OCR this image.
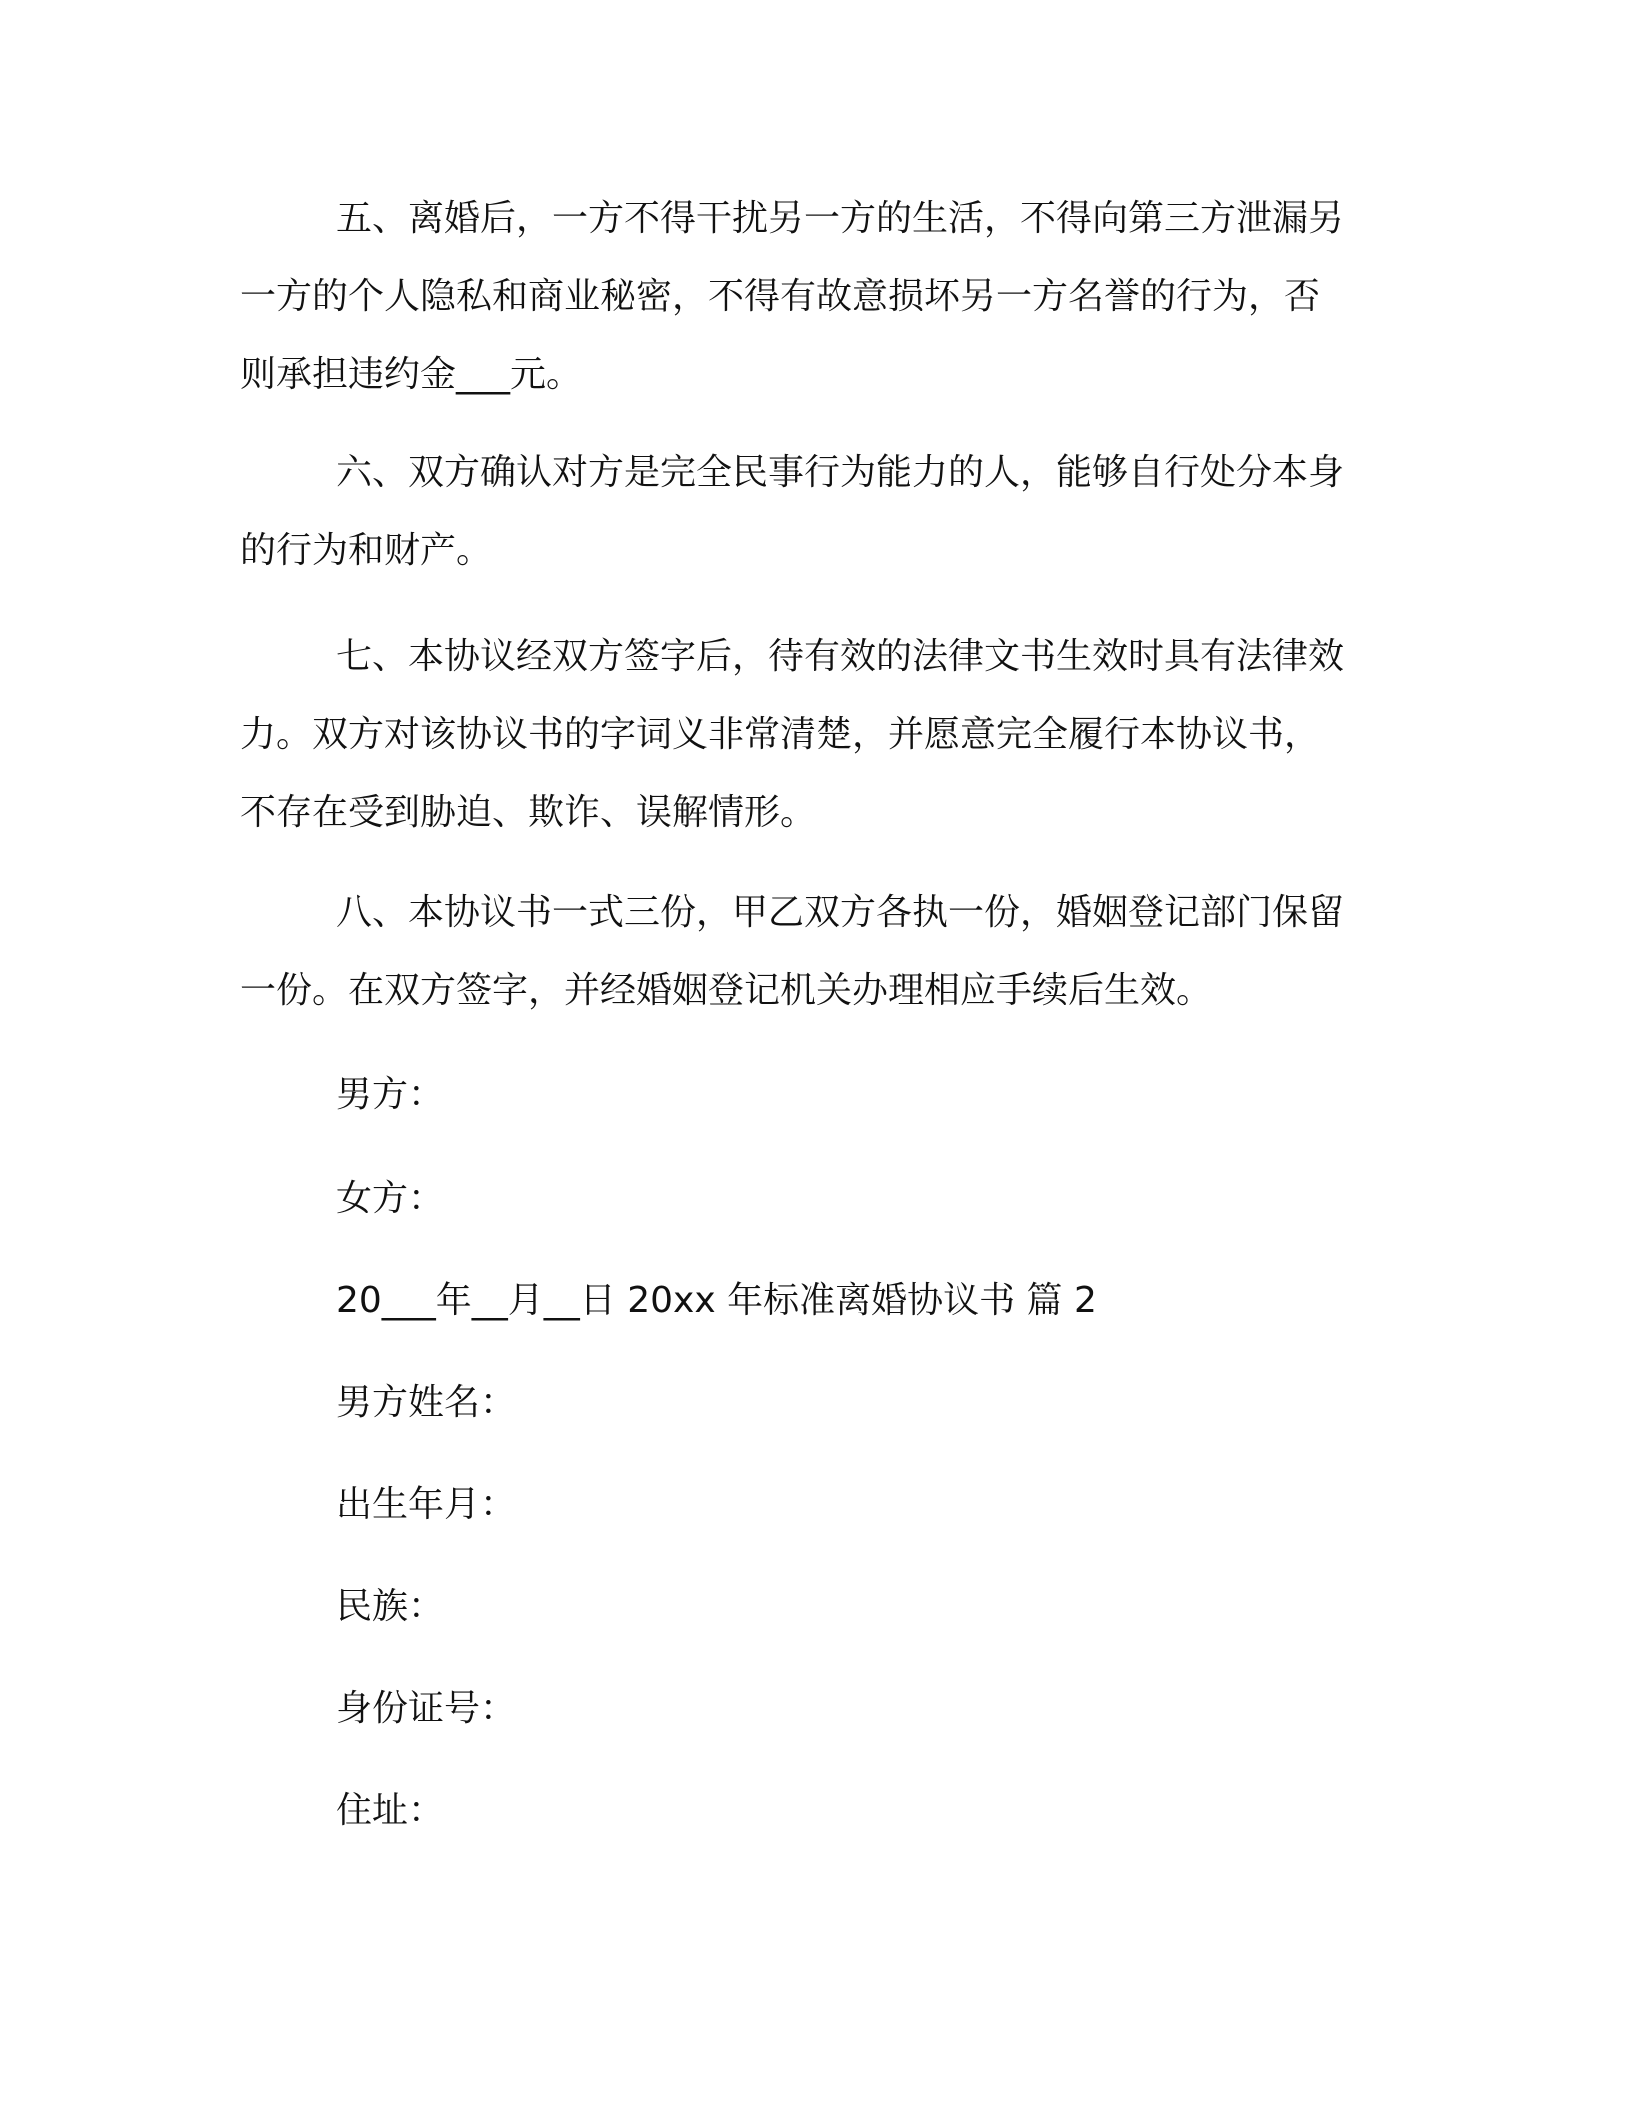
五、离婚后，一方不得干扰另一方的生活，不得向第三方泄漏另
一方的个人隐私和商业秘密，不得有故意损坏另一方名誉的行为，否
则承担违约金___元。
六、双方确认对方是完全民事行为能力的人，能够自行处分本身
的行为和财产。
七、本协议经双方签字后，待有效的法律文书生效时具有法律效
力。双方对该协议书的字词义非常清楚，并愿意完全履行本协议书，
不存在受到胁迫、欺诈、误解情形。
八、本协议书一式三份，甲乙双方各执一份，婚姻登记部门保留
一份。在双方签字，并经婚姻登记机关办理相应手续后生效。
男方：
女方：
20___年__月__日 20xx 年标准离婚协议书 篇 2
男方姓名：
出生年月：
民族：
身份证号：
住址：
